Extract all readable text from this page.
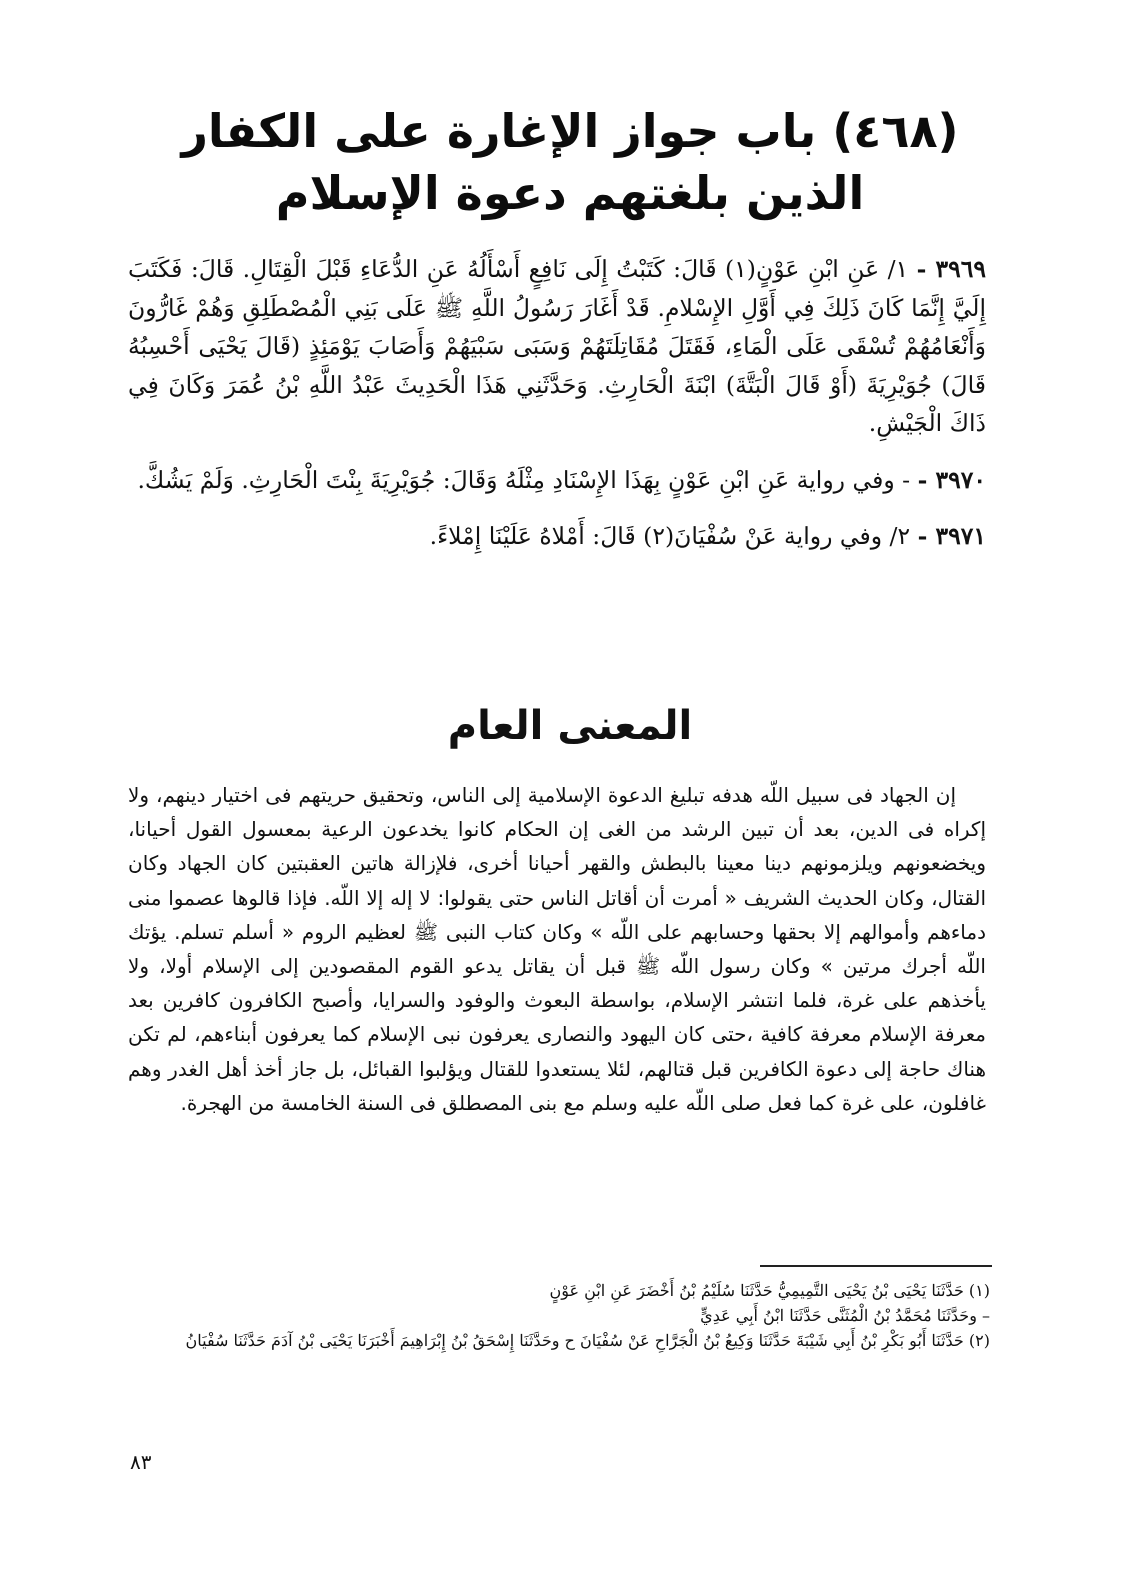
(٤٦٨) باب جواز الإغارة على الكفار
الذين بلغتهم دعوة الإسلام

٣٩٦٩ - ١/ عَنِ ابْنِ عَوْنٍ(١) قَالَ: كَتَبْتُ إِلَى نَافِعٍ أَسْأَلُهُ عَنِ الدُّعَاءِ قَبْلَ الْقِتَالِ. قَالَ: فَكَتَبَ إِلَيَّ إِنَّمَا كَانَ ذَلِكَ فِي أَوَّلِ الإِسْلامِ. قَدْ أَغَارَ رَسُولُ اللَّهِ ﷺ عَلَى بَنِي الْمُصْطَلِقِ وَهُمْ غَارُّونَ وَأَنْعَامُهُمْ تُسْقَى عَلَى الْمَاءِ، فَقَتَلَ مُقَاتِلَتَهُمْ وَسَبَى سَبْيَهُمْ وَأَصَابَ يَوْمَئِذٍ (قَالَ يَحْيَى أَحْسِبُهُ قَالَ) جُوَيْرِيَةَ (أَوْ قَالَ الْبَتَّةَ) ابْنَةَ الْحَارِثِ. وَحَدَّثَنِي هَذَا الْحَدِيثَ عَبْدُ اللَّهِ بْنُ عُمَرَ وَكَانَ فِي ذَاكَ الْجَيْشِ.

٣٩٧٠ - - وفي رواية عَنِ ابْنِ عَوْنٍ بِهَذَا الإِسْنَادِ مِثْلَهُ وَقَالَ: جُوَيْرِيَةَ بِنْتَ الْحَارِثِ. وَلَمْ يَشُكَّ.

٣٩٧١ - ٢/ وفي رواية عَنْ سُفْيَانَ(٢) قَالَ: أَمْلاهُ عَلَيْنَا إِمْلاءً.

المعنى العام

إن الجهاد فى سبيل اللّه هدفه تبليغ الدعوة الإسلامية إلى الناس، وتحقيق حريتهم فى اختيار دينهم، ولا إكراه فى الدين، بعد أن تبين الرشد من الغى إن الحكام كانوا يخدعون الرعية بمعسول القول أحيانا، ويخضعونهم ويلزمونهم دينا معينا بالبطش والقهر أحيانا أخرى، فلإزالة هاتين العقبتين كان الجهاد وكان القتال، وكان الحديث الشريف « أمرت أن أقاتل الناس حتى يقولوا: لا إله إلا اللّه. فإذا قالوها عصموا منى دماءهم وأموالهم إلا بحقها وحسابهم على اللّه » وكان كتاب النبى ﷺ لعظيم الروم « أسلم تسلم. يؤتك اللّه أجرك مرتين » وكان رسول اللّه ﷺ قبل أن يقاتل يدعو القوم المقصودين إلى الإسلام أولا، ولا يأخذهم على غرة، فلما انتشر الإسلام، بواسطة البعوث والوفود والسرايا، وأصبح الكافرون كافرين بعد معرفة الإسلام معرفة كافية ،حتى كان اليهود والنصارى يعرفون نبى الإسلام كما يعرفون أبناءهم، لم تكن هناك حاجة إلى دعوة الكافرين قبل قتالهم، لئلا يستعدوا للقتال ويؤلبوا القبائل، بل جاز أخذ أهل الغدر وهم غافلون، على غرة كما فعل صلى اللّه عليه وسلم مع بنى المصطلق فى السنة الخامسة من الهجرة.

(١) حَدَّثَنَا يَحْيَى بْنُ يَحْيَى التَّمِيمِيُّ حَدَّثَنَا سُلَيْمُ بْنُ أَخْضَرَ عَنِ ابْنِ عَوْنٍ

– وحَدَّثَنَا مُحَمَّدُ بْنُ الْمُثَنَّى حَدَّثَنَا ابْنُ أَبِي عَدِيٍّ

(٢) حَدَّثَنَا أَبُو بَكْرِ بْنُ أَبِي شَيْبَةَ حَدَّثَنَا وَكِيعُ بْنُ الْجَرَّاحِ عَنْ سُفْيَانَ ح وحَدَّثَنَا إِسْحَقُ بْنُ إِبْرَاهِيمَ أَخْبَرَنَا يَحْيَى بْنُ آدَمَ حَدَّثَنَا سُفْيَانُ

٨٣
